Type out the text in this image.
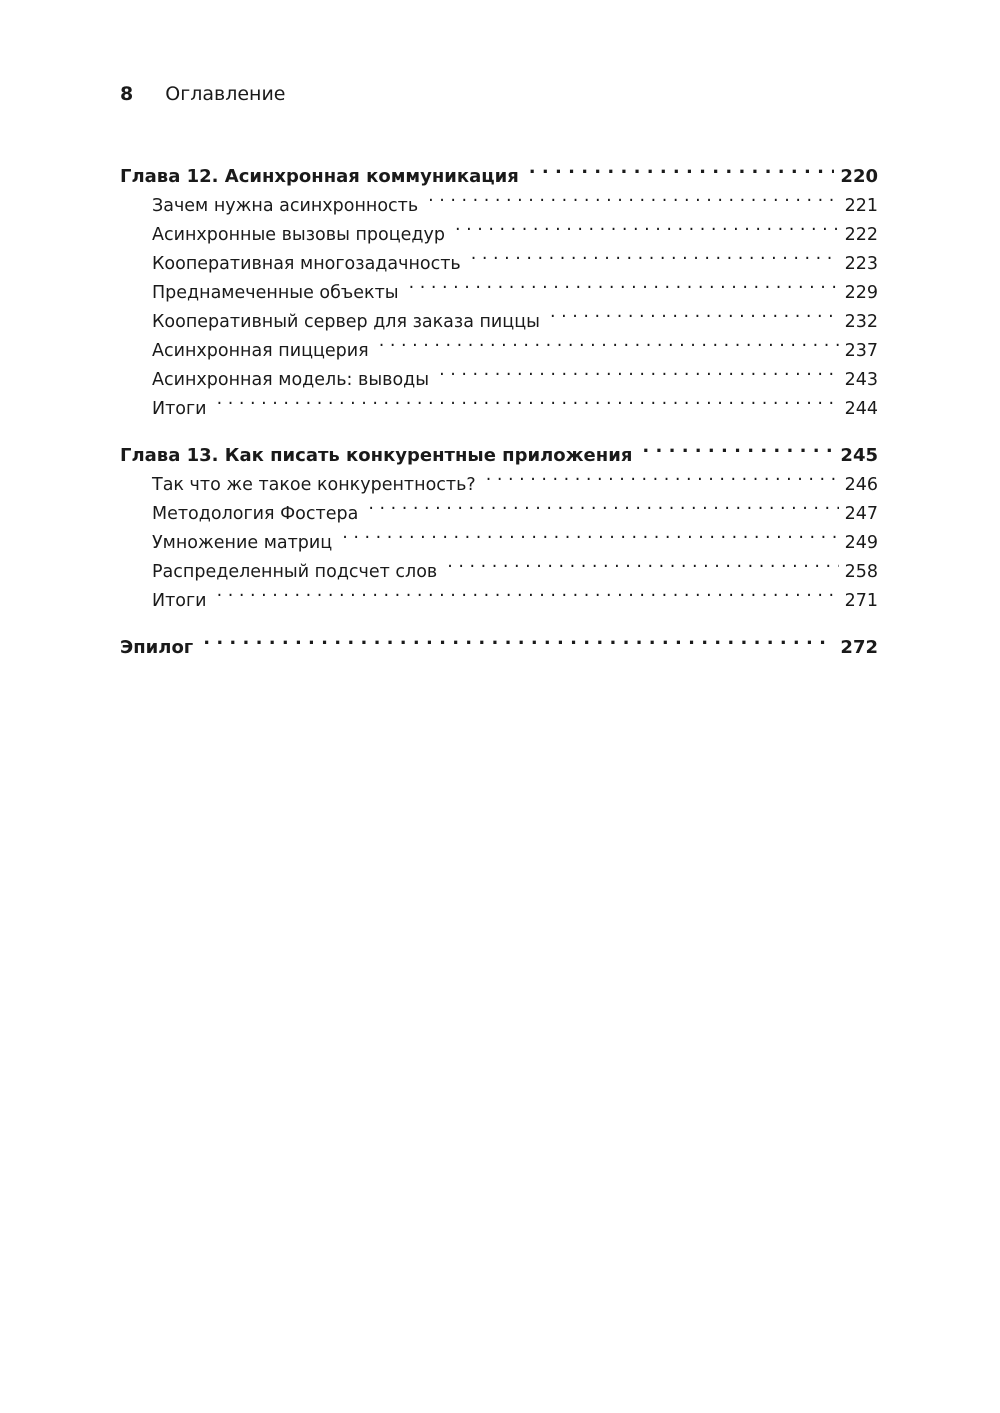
8 Оглавление
Глава 12. Асинхронная коммуникация . . .	220
Зачем нужна асинхронность . . .	221
Асинхронные вызовы процедур . . .	222
Кооперативная многозадачность . . .	223
Преднамеченные объекты . . .	229
Кооперативный сервер для заказа пиццы . . .	232
Асинхронная пиццерия . . .	237
Асинхронная модель: выводы . . .	243
Итоги . . .	244
Глава 13. Как писать конкурентные приложения . . .	245
Так что же такое конкурентность? . . .	246
Методология Фостера . . .	247
Умножение матриц . . .	249
Распределенный подсчет слов . . .	258
Итоги . . .	271
Эпилог . . .	272
